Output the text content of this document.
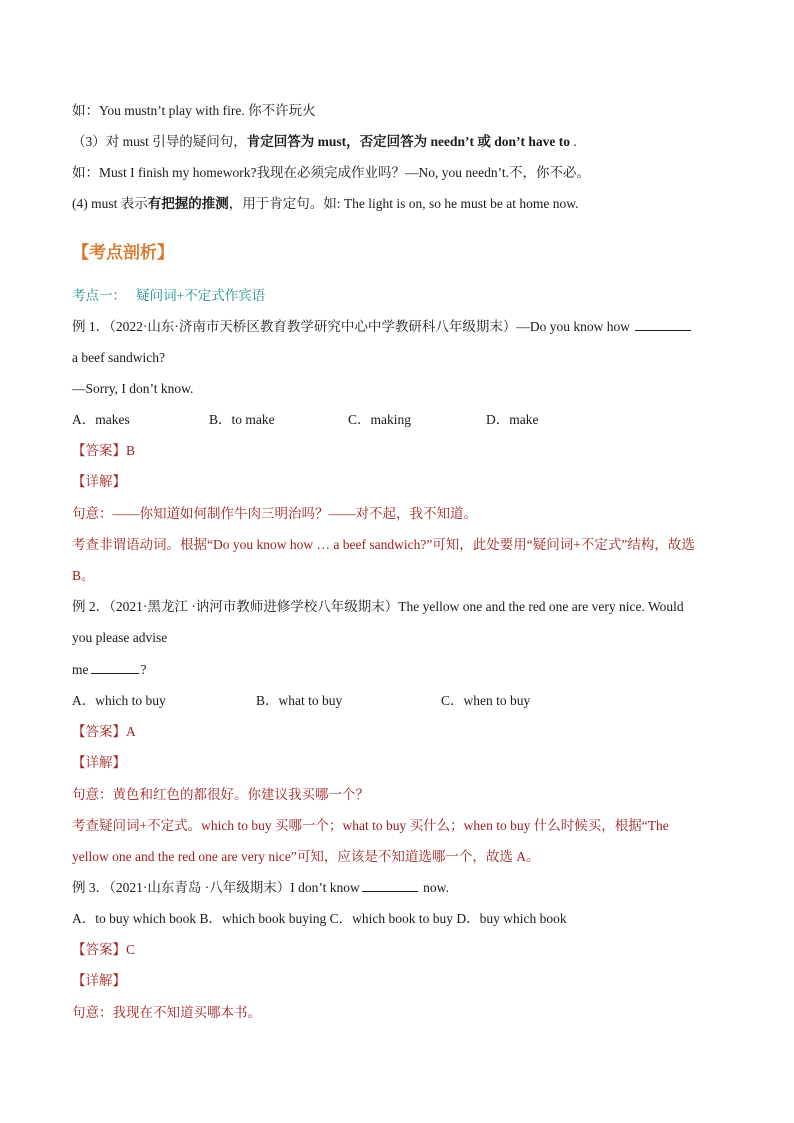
如：You mustn’t play with fire. 你不许玩火
（3）对 must 引导的疑问句，肯定回答为 must，否定回答为 needn’t 或 don’t have to .
如：Must I finish my homework?我现在必须完成作业吗？—No, you needn’t.不，你不必。
(4) must 表示有把握的推测，用于肯定句。如: The light is on, so he must be at home now.
【考点剖析】
考点一： 疑问词+不定式作宾语
例 1．（2022·山东·济南市天桥区教育教学研究中心中学教研科八年级期末）—Do you know how
a beef sandwich?
—Sorry, I don’t know.
A．makes	B．to make	C．making	D．make
【答案】B
【详解】
句意：——你知道如何制作牛肉三明治吗？——对不起，我不知道。
考查非谓语动词。根据“Do you know how … a beef sandwich?”可知，此处要用“疑问词+不定式”结构，故选
B。
例 2．（2021·黑龙江 ·讷河市教师进修学校八年级期末）The yellow one and the red one are very nice. Would
you please advise
me	?
A．which to buy	B．what to buy	C．when to buy
【答案】A
【详解】
句意：黄色和红色的都很好。你建议我买哪一个？
考查疑问词+不定式。which to buy 买哪一个；what to buy 买什么；when to buy 什么时候买，根据“The
yellow one and the red one are very nice”可知，应该是不知道选哪一个，故选 A。
例 3．（2021·山东青岛 ·八年级期末）I don’t know	now.
A．to buy which book B．which book buying C．which book to buy D．buy which book
【答案】C
【详解】
句意：我现在不知道买哪本书。
